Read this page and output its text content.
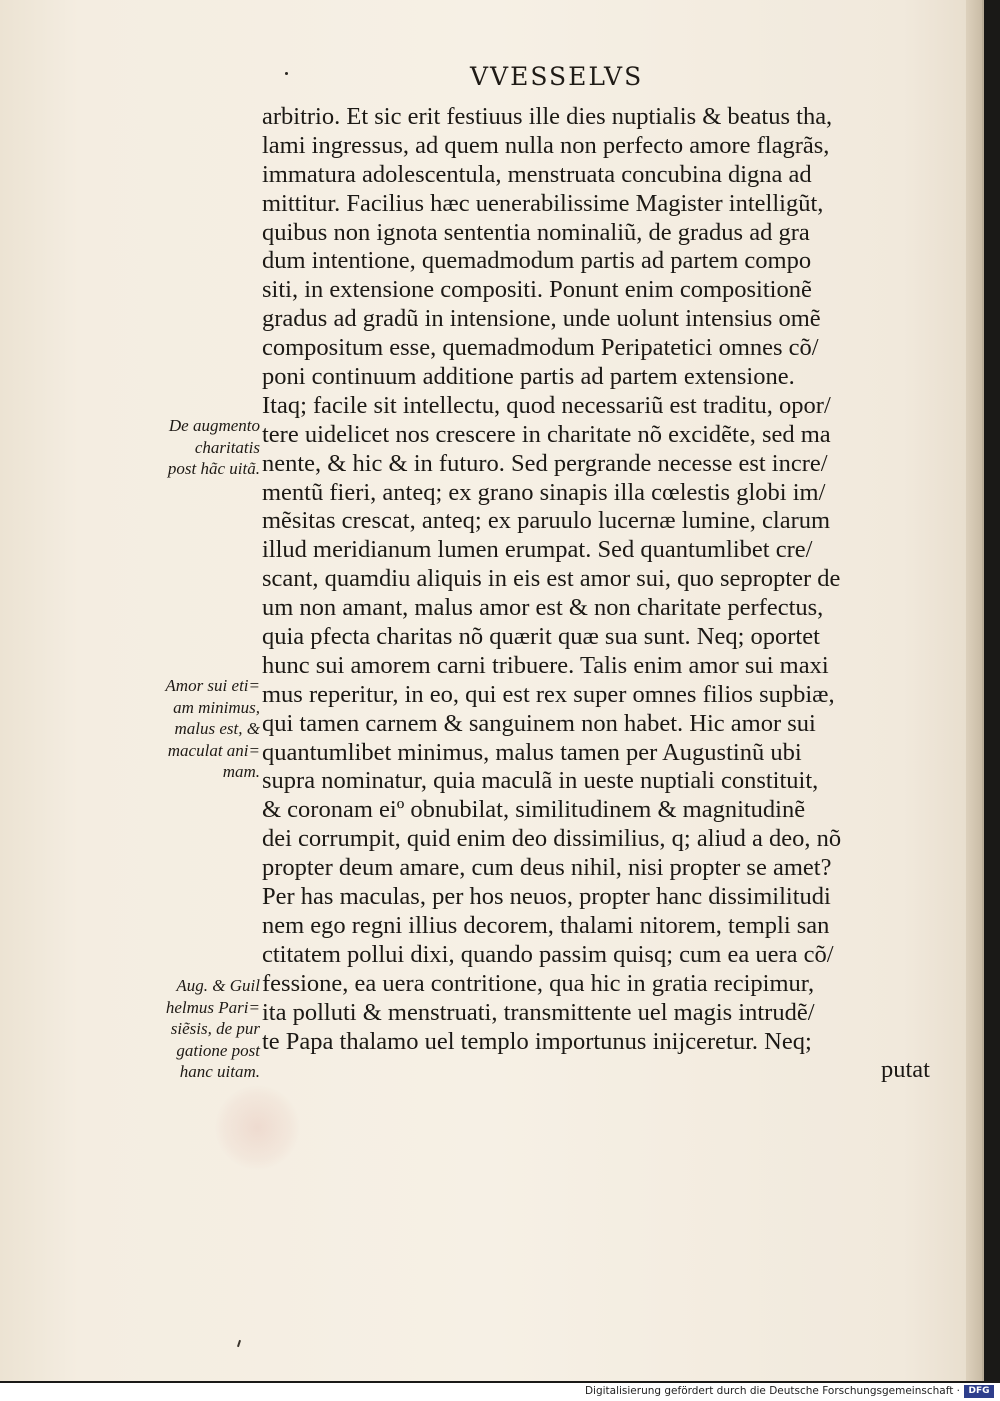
VVESSELVS
arbitrio. Et sic erit festiuus ille dies nuptialis & beatus tha,
lami ingressus, ad quem nulla non perfecto amore flagrãs,
immatura adolescentula, menstruata concubina digna ad
mittitur. Facilius hæc uenerabilissime Magister intelligũt,
quibus non ignota sententia nominaliũ, de gradus ad gra
dum intentione, quemadmodum partis ad partem compo
siti, in extensione compositi. Ponunt enim compositionẽ
gradus ad gradũ in intensione, unde uolunt intensius omẽ
compositum esse, quemadmodum Peripatetici omnes cõ/
poni continuum additione partis ad partem extensione.
Itaq; facile sit intellectu, quod necessariũ est traditu, opor/
tere uidelicet nos crescere in charitate nõ excidẽte, sed ma
nente, & hic & in futuro. Sed pergrande necesse est incre/
mentũ fieri, anteq; ex grano sinapis illa cœlestis globi im/
mẽsitas crescat, anteq; ex paruulo lucernæ lumine, clarum
illud meridianum lumen erumpat. Sed quantumlibet cre/
scant, quamdiu aliquis in eis est amor sui, quo sepropter de
um non amant, malus amor est & non charitate perfectus,
quia pfecta charitas nõ quærit quæ sua sunt. Neq; oportet
hunc sui amorem carni tribuere. Talis enim amor sui maxi
mus reperitur, in eo, qui est rex super omnes filios supbiæ,
qui tamen carnem & sanguinem non habet. Hic amor sui
quantumlibet minimus, malus tamen per Augustinũ ubi
supra nominatur, quia maculã in ueste nuptiali constituit,
& coronam eiº obnubilat, similitudinem & magnitudinẽ
dei corrumpit, quid enim deo dissimilius, q; aliud a deo, nõ
propter deum amare, cum deus nihil, nisi propter se amet?
Per has maculas, per hos neuos, propter hanc dissimilitudi
nem ego regni illius decorem, thalami nitorem, templi san
ctitatem pollui dixi, quando passim quisq; cum ea uera cõ/
fessione, ea uera contritione, qua hic in gratia recipimur,
ita polluti & menstruati, transmittente uel magis intrudẽ/
te Papa thalamo uel templo importunus inijceretur. Neq;
putat
De augmento
charitatis
post hãc uitã.
Amor sui eti=
am minimus,
malus est, &
maculat ani=
mam.
Aug. & Guil
helmus Pari=
siẽsis, de pur
gatione post
hanc uitam.
Digitalisierung gefördert durch die Deutsche Forschungsgemeinschaft · DFG
